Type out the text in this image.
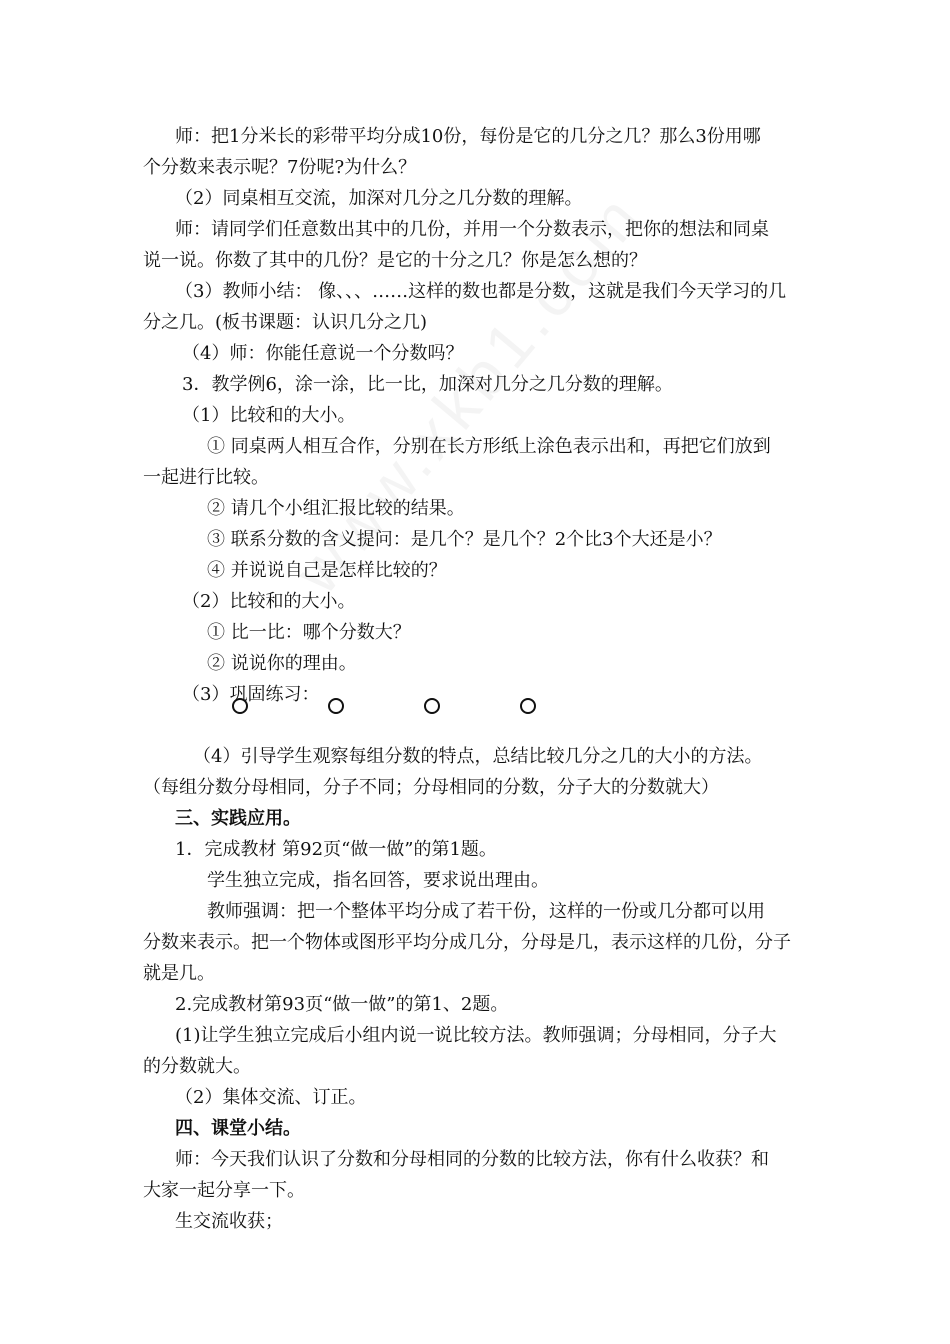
师：把1分米长的彩带平均分成10份，每份是它的几分之几？那么3份用哪
个分数来表示呢？7份呢?为什么？
（2）同桌相互交流，加深对几分之几分数的理解。
师：请同学们任意数出其中的几份，并用一个分数表示，把你的想法和同桌
说一说。你数了其中的几份？是它的十分之几？你是怎么想的？
（3）教师小结： 像、、、……这样的数也都是分数，这就是我们今天学习的几
分之几。(板书课题：认识几分之几)
（4）师：你能任意说一个分数吗？
3．教学例6，涂一涂，比一比，加深对几分之几分数的理解。
（1）比较和的大小。
① 同桌两人相互合作，分别在长方形纸上涂色表示出和，再把它们放到
一起进行比较。
② 请几个小组汇报比较的结果。
③ 联系分数的含义提问：是几个？是几个？2个比3个大还是小？
④ 并说说自己是怎样比较的？
（2）比较和的大小。
① 比一比：哪个分数大？
② 说说你的理由。
（3）巩固练习：
（4）引导学生观察每组分数的特点，总结比较几分之几的大小的方法。
（每组分数分母相同，分子不同；分母相同的分数，分子大的分数就大）
三、实践应用。
1．完成教材 第92页“做一做”的第1题。
学生独立完成，指名回答，要求说出理由。
教师强调：把一个整体平均分成了若干份，这样的一份或几分都可以用
分数来表示。把一个物体或图形平均分成几分，分母是几，表示这样的几份，分子
就是几。
2.完成教材第93页“做一做”的第1、2题。
(1)让学生独立完成后小组内说一说比较方法。教师强调；分母相同，分子大
的分数就大。
（2）集体交流、订正。
四、课堂小结。
师：今天我们认识了分数和分母相同的分数的比较方法，你有什么收获？和
大家一起分享一下。
生交流收获；
